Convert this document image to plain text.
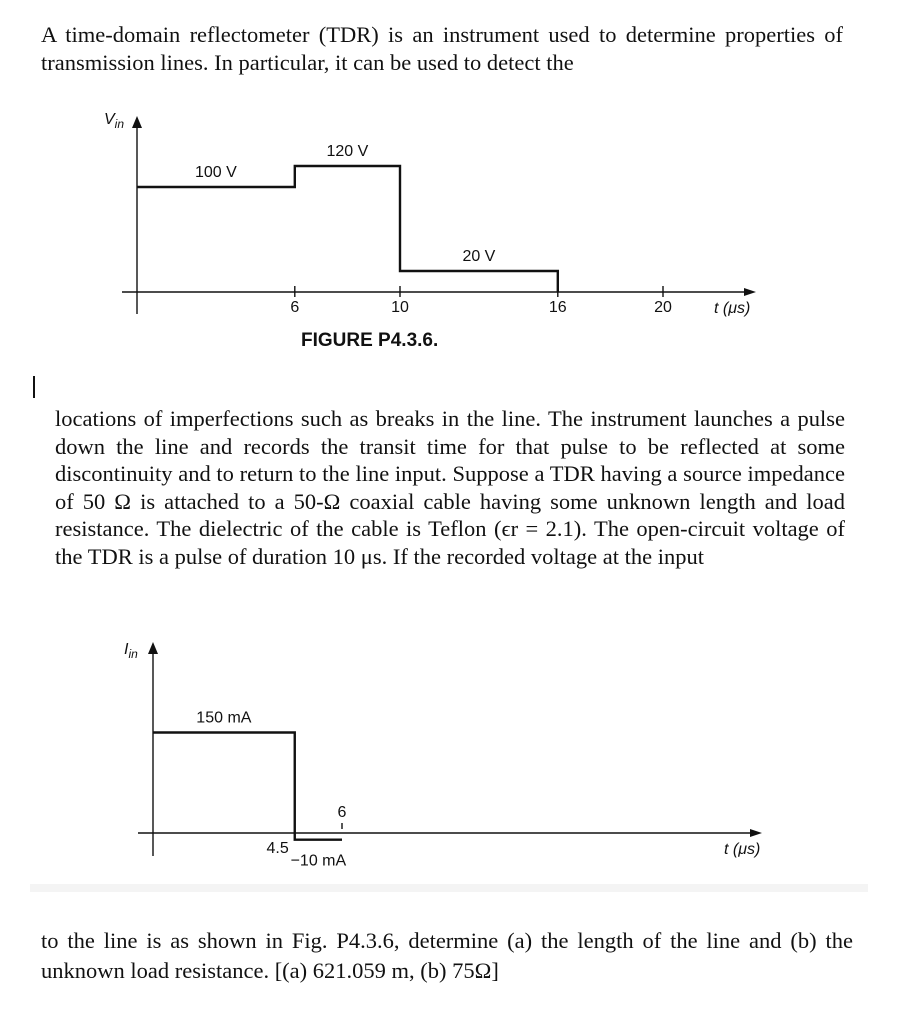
A time-domain reflectometer (TDR) is an instrument used to determine properties of transmission lines. In particular, it can be used to detect the

6	10	16	20
100 V
120 V
20 V
$V_{in}$
t (μs)
FIGURE P4.3.6.

locations of imperfections such as breaks in the line. The instrument launches a pulse down the line and records the transit time for that pulse to be reflected at some discontinuity and to return to the line input. Suppose a TDR having a source impedance of 50 Ω is attached to a 50-Ω coaxial cable having some unknown length and load resistance. The dielectric of the cable is Teflon (ϵr = 2.1). The open-circuit voltage of the TDR is a pulse of duration 10 μs. If the recorded voltage at the input

4.5
6
150 mA
−10 mA
$I_{in}$
t (μs)

to the line is as shown in Fig. P4.3.6, determine (a) the length of the line and (b) the unknown load resistance. [(a) 621.059 m, (b) 75Ω]
